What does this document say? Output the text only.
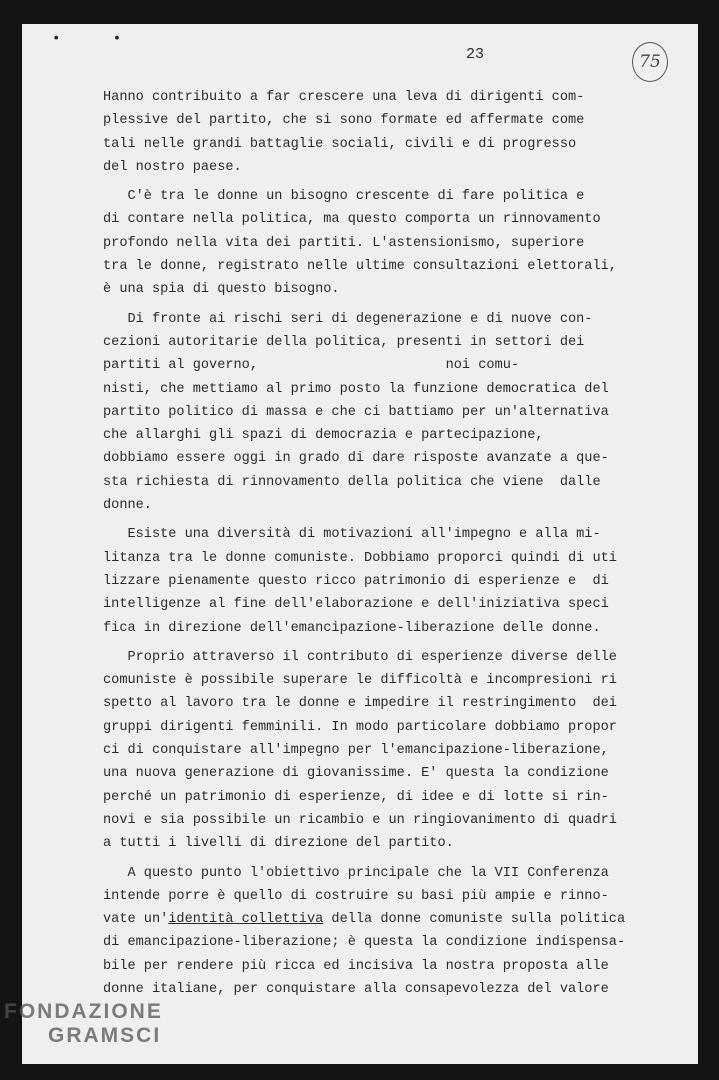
• •
23	75
Hanno contribuito a far crescere una leva di dirigenti com-
plessive del partito, che si sono formate ed affermate come
tali nelle grandi battaglie sociali, civili e di progresso
del nostro paese.
C'è tra le donne un bisogno crescente di fare politica e
di contare nella politica, ma questo comporta un rinnovamento
profondo nella vita dei partiti. L'astensionismo, superiore
tra le donne, registrato nelle ultime consultazioni elettorali,
è una spia di questo bisogno.
Di fronte ai rischi seri di degenerazione e di nuove con-
cezioni autoritarie della politica, presenti in settori dei
partiti al governo,                       noi comu-
nisti, che mettiamo al primo posto la funzione democratica del
partito politico di massa e che ci battiamo per un'alternativa
che allarghi gli spazi di democrazia e partecipazione,
dobbiamo essere oggi in grado di dare risposte avanzate a que-
sta richiesta di rinnovamento della politica che viene  dalle
donne.
Esiste una diversità di motivazioni all'impegno e alla mi-
litanza tra le donne comuniste. Dobbiamo proporci quindi di uti
lizzare pienamente questo ricco patrimonio di esperienze e  di
intelligenze al fine dell'elaborazione e dell'iniziativa speci
fica in direzione dell'emancipazione-liberazione delle donne.
Proprio attraverso il contributo di esperienze diverse delle
comuniste è possibile superare le difficoltà e incompresioni ri
spetto al lavoro tra le donne e impedire il restringimento  dei
gruppi dirigenti femminili. In modo particolare dobbiamo propor
ci di conquistare all'impegno per l'emancipazione-liberazione,
una nuova generazione di giovanissime. E' questa la condizione
perché un patrimonio di esperienze, di idee e di lotte si rin-
novi e sia possibile un ricambio e un ringiovanimento di quadri
a tutti i livelli di direzione del partito.
A questo punto l'obiettivo principale che la VII Conferenza
intende porre è quello di costruire su basi più ampie e rinno-
vate un'identità collettiva della donne comuniste sulla politica
di emancipazione-liberazione; è questa la condizione indispensa-
bile per rendere più ricca ed incisiva la nostra proposta alle
donne italiane, per conquistare alla consapevolezza del valore
FONDAZIONE
GRAMSCI
